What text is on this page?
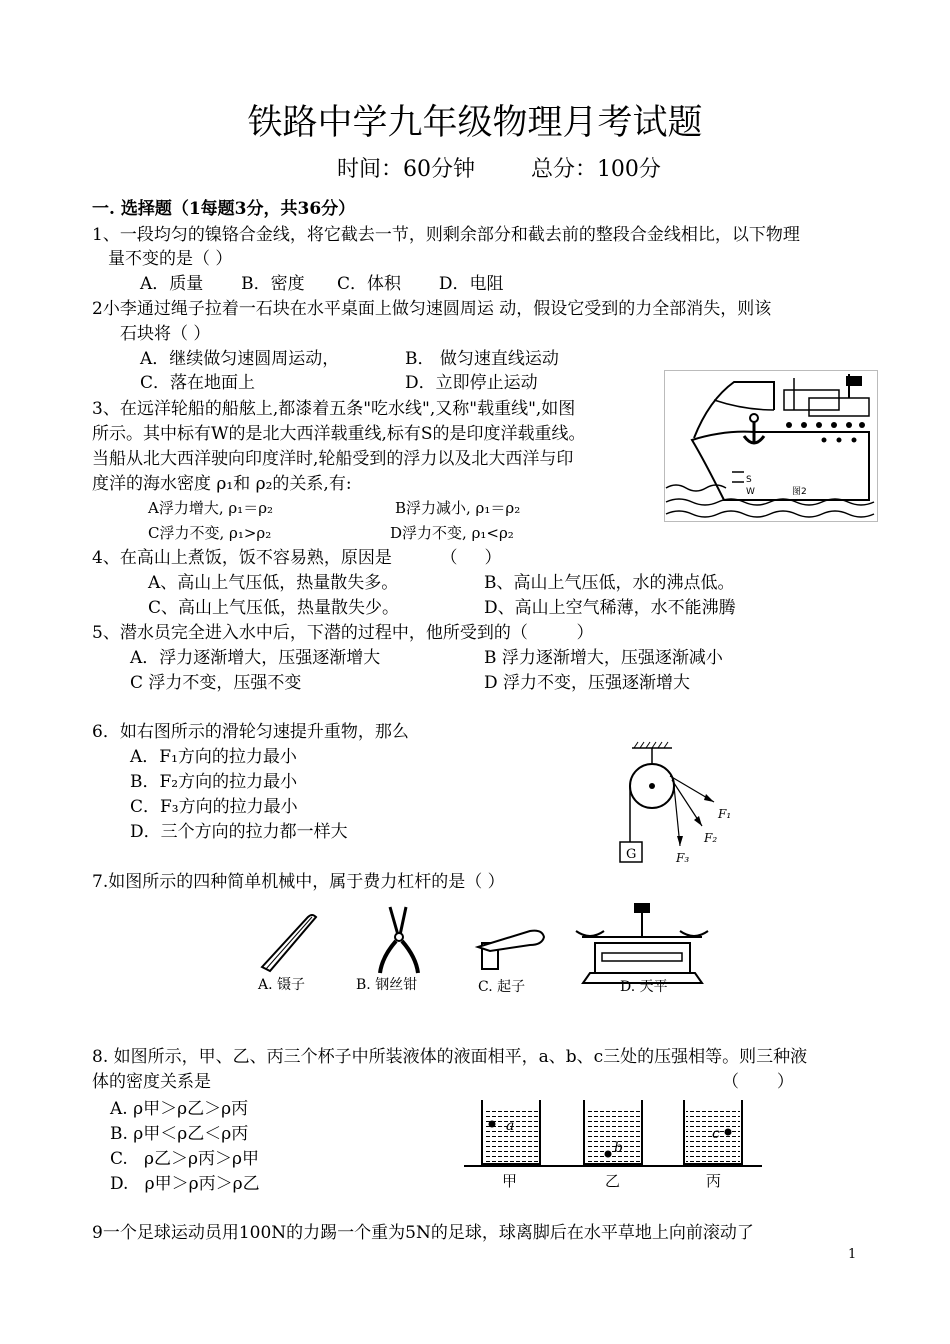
铁路中学九年级物理月考试题
时间：60分钟        总分：100分
一. 选择题（1每题3分，共36分）
1、一段均匀的镍铬合金线，将它截去一节，则剩余部分和截去前的整段合金线相比，以下物理
量不变的是（ ）
A．质量       B．密度      C．体积       D．电阻
2小李通过绳子拉着一石块在水平桌面上做匀速圆周运 动，假设它受到的力全部消失，则该
石块将（ ）
A．继续做匀速圆周运动，	B． 做匀速直线运动
C．落在地面上	D．立即停止运动
3、在远洋轮船的船舷上,都漆着五条"吃水线",又称"载重线",如图
所示。其中标有W的是北大西洋载重线,标有S的是印度洋载重线。
当船从北大西洋驶向印度洋时,轮船受到的浮力以及北大西洋与印
度洋的海水密度 ρ₁和 ρ₂的关系,有:
A浮力增大, ρ₁＝ρ₂	B浮力减小, ρ₁＝ρ₂
C浮力不变, ρ₁>ρ₂	D浮力不变, ρ₁<ρ₂
S
W	图2
4、在高山上煮饭，饭不容易熟，原因是         （     ）
A、高山上气压低，热量散失多。	B、高山上气压低，水的沸点低。
C、高山上气压低，热量散失少。	D、高山上空气稀薄，水不能沸腾
5、潜水员完全进入水中后，下潜的过程中，他所受到的（         ）
A．浮力逐渐增大，压强逐渐增大	B 浮力逐渐增大，压强逐渐减小
C 浮力不变，压强不变	D 浮力不变，压强逐渐增大
6．如右图所示的滑轮匀速提升重物，那么
A．F₁方向的拉力最小
B．F₂方向的拉力最小
C．F₃方向的拉力最小
D．三个方向的拉力都一样大
G
F₁
F₂
F₃
7.如图所示的四种简单机械中，属于费力杠杆的是（ ）
A. 镊子	B. 钢丝钳	C. 起子	D. 天平
8. 如图所示，甲、乙、丙三个杯子中所装液体的液面相平，a、b、c三处的压强相等。则三种液
体的密度关系是	（       ）
A. ρ甲＞ρ乙＞ρ丙
B. ρ甲＜ρ乙＜ρ丙
C.   ρ乙＞ρ丙＞ρ甲
D.   ρ甲＞ρ丙＞ρ乙
a
b
c
甲	乙	丙
9一个足球运动员用100N的力踢一个重为5N的足球，球离脚后在水平草地上向前滚动了
1
